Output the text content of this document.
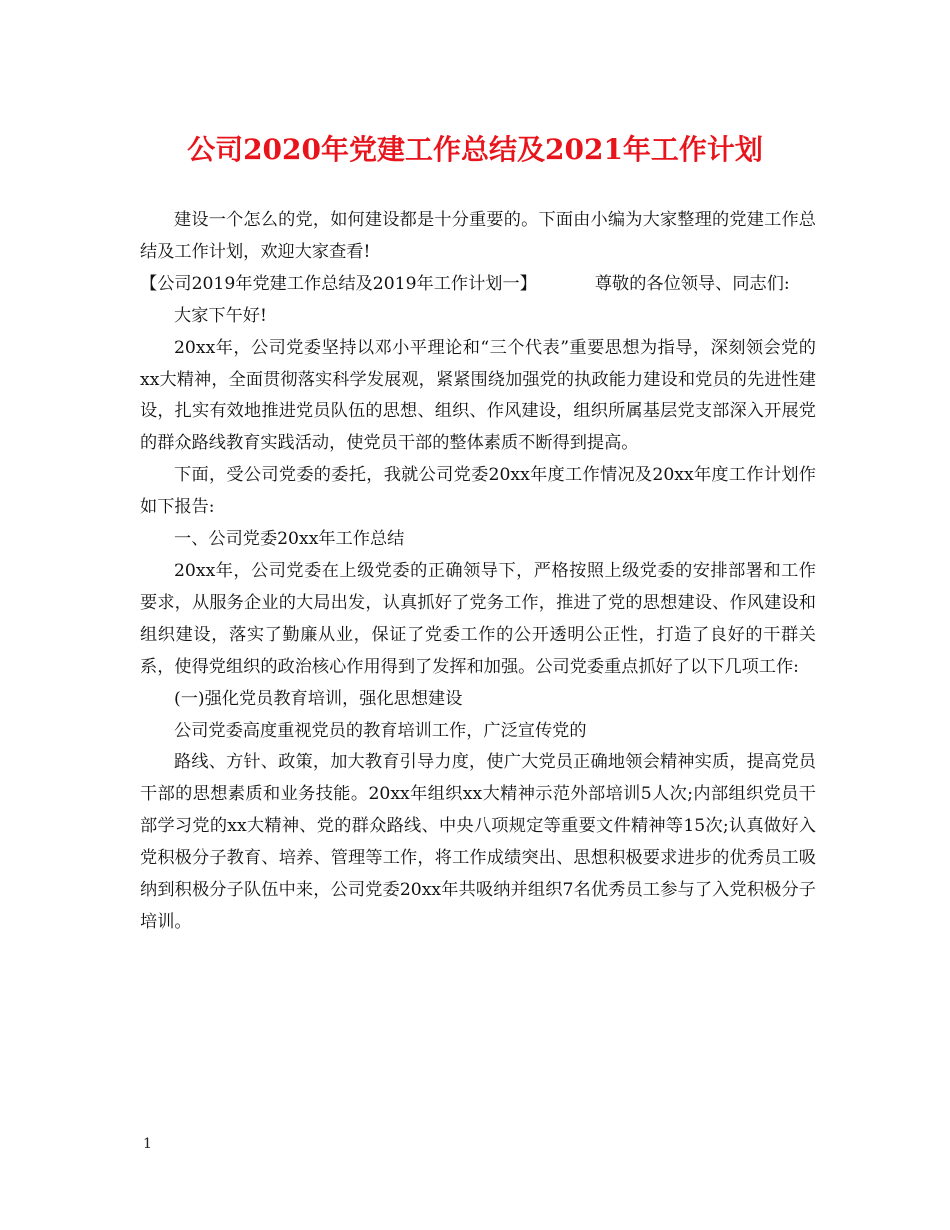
公司2020年党建工作总结及2021年工作计划

建设一个怎么的党，如何建设都是十分重要的。下面由小编为大家整理的党建工作总结及工作计划，欢迎大家查看!

【公司2019年党建工作总结及2019年工作计划一】	尊敬的各位领导、同志们:

大家下午好!

20xx年，公司党委坚持以邓小平理论和“三个代表”重要思想为指导，深刻领会党的xx大精神，全面贯彻落实科学发展观，紧紧围绕加强党的执政能力建设和党员的先进性建设，扎实有效地推进党员队伍的思想、组织、作风建设，组织所属基层党支部深入开展党的群众路线教育实践活动，使党员干部的整体素质不断得到提高。

下面，受公司党委的委托，我就公司党委20xx年度工作情况及20xx年度工作计划作如下报告:

一、公司党委20xx年工作总结

20xx年，公司党委在上级党委的正确领导下，严格按照上级党委的安排部署和工作要求，从服务企业的大局出发，认真抓好了党务工作，推进了党的思想建设、作风建设和组织建设，落实了勤廉从业，保证了党委工作的公开透明公正性，打造了良好的干群关系，使得党组织的政治核心作用得到了发挥和加强。公司党委重点抓好了以下几项工作:

(一)强化党员教育培训，强化思想建设

公司党委高度重视党员的教育培训工作，广泛宣传党的

路线、方针、政策，加大教育引导力度，使广大党员正确地领会精神实质，提高党员干部的思想素质和业务技能。20xx年组织xx大精神示范外部培训5人次;内部组织党员干部学习党的xx大精神、党的群众路线、中央八项规定等重要文件精神等15次;认真做好入党积极分子教育、培养、管理等工作，将工作成绩突出、思想积极要求进步的优秀员工吸纳到积极分子队伍中来，公司党委20xx年共吸纳并组织7名优秀员工参与了入党积极分子培训。

1
